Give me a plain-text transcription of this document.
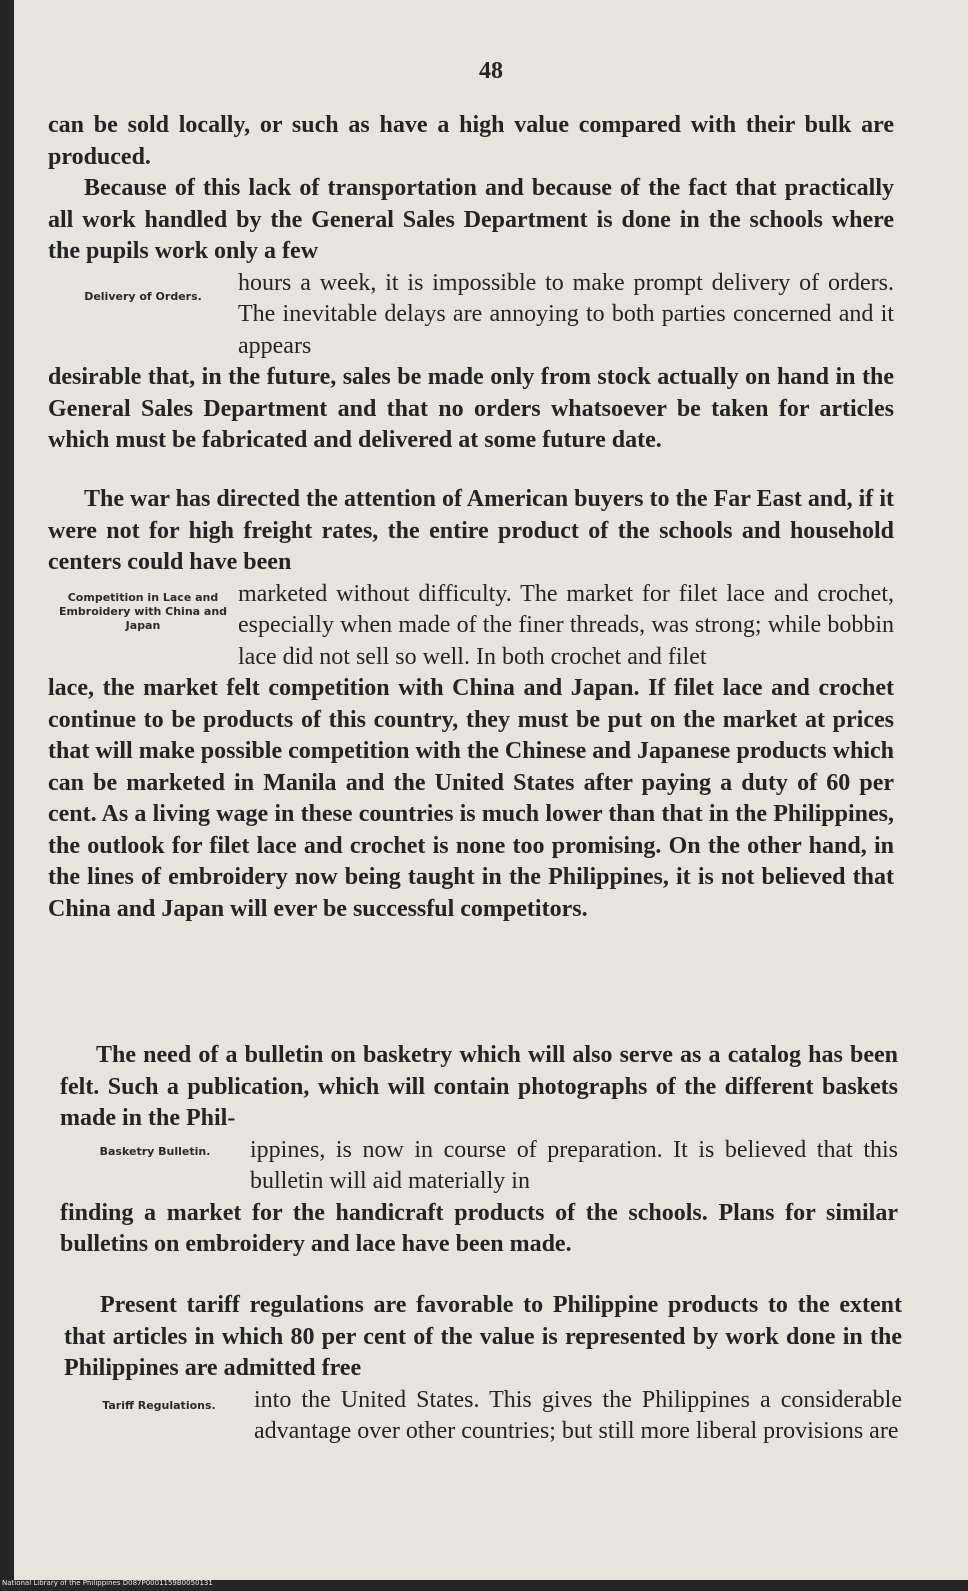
48

can be sold locally, or such as have a high value compared with their bulk are produced.

Because of this lack of transportation and because of the fact that practically all work handled by the General Sales Department is done in the schools where the pupils work only a few

Delivery of Orders.
hours a week, it is impossible to make prompt delivery of orders. The inevitable delays are annoying to both parties concerned and it appears

desirable that, in the future, sales be made only from stock actually on hand in the General Sales Department and that no orders whatsoever be taken for articles which must be fabricated and delivered at some future date.

The war has directed the attention of American buyers to the Far East and, if it were not for high freight rates, the entire product of the schools and household centers could have been

Competition in Lace and Embroidery with China and Japan
marketed without difficulty. The market for filet lace and crochet, especially when made of the finer threads, was strong; while bobbin lace did not sell so well. In both crochet and filet

lace, the market felt competition with China and Japan. If filet lace and crochet continue to be products of this country, they must be put on the market at prices that will make possible competition with the Chinese and Japanese products which can be marketed in Manila and the United States after paying a duty of 60 per cent. As a living wage in these countries is much lower than that in the Philippines, the outlook for filet lace and crochet is none too promising. On the other hand, in the lines of embroidery now being taught in the Philippines, it is not believed that China and Japan will ever be successful competitors.

The need of a bulletin on basketry which will also serve as a catalog has been felt. Such a publication, which will contain photographs of the different baskets made in the Phil-

Basketry Bulletin.	ippines, is now in course of preparation. It is believed that this bulletin will aid materially in

finding a market for the handicraft products of the schools. Plans for similar bulletins on embroidery and lace have been made.

Present tariff regulations are favorable to Philippine products to the extent that articles in which 80 per cent of the value is represented by work done in the Philippines are admitted free

Tariff Regulations.	into the United States. This gives the Philippines a considerable advantage over other countries; but still more liberal provisions are
National Library of the Philippines D087P0001159B0050131
